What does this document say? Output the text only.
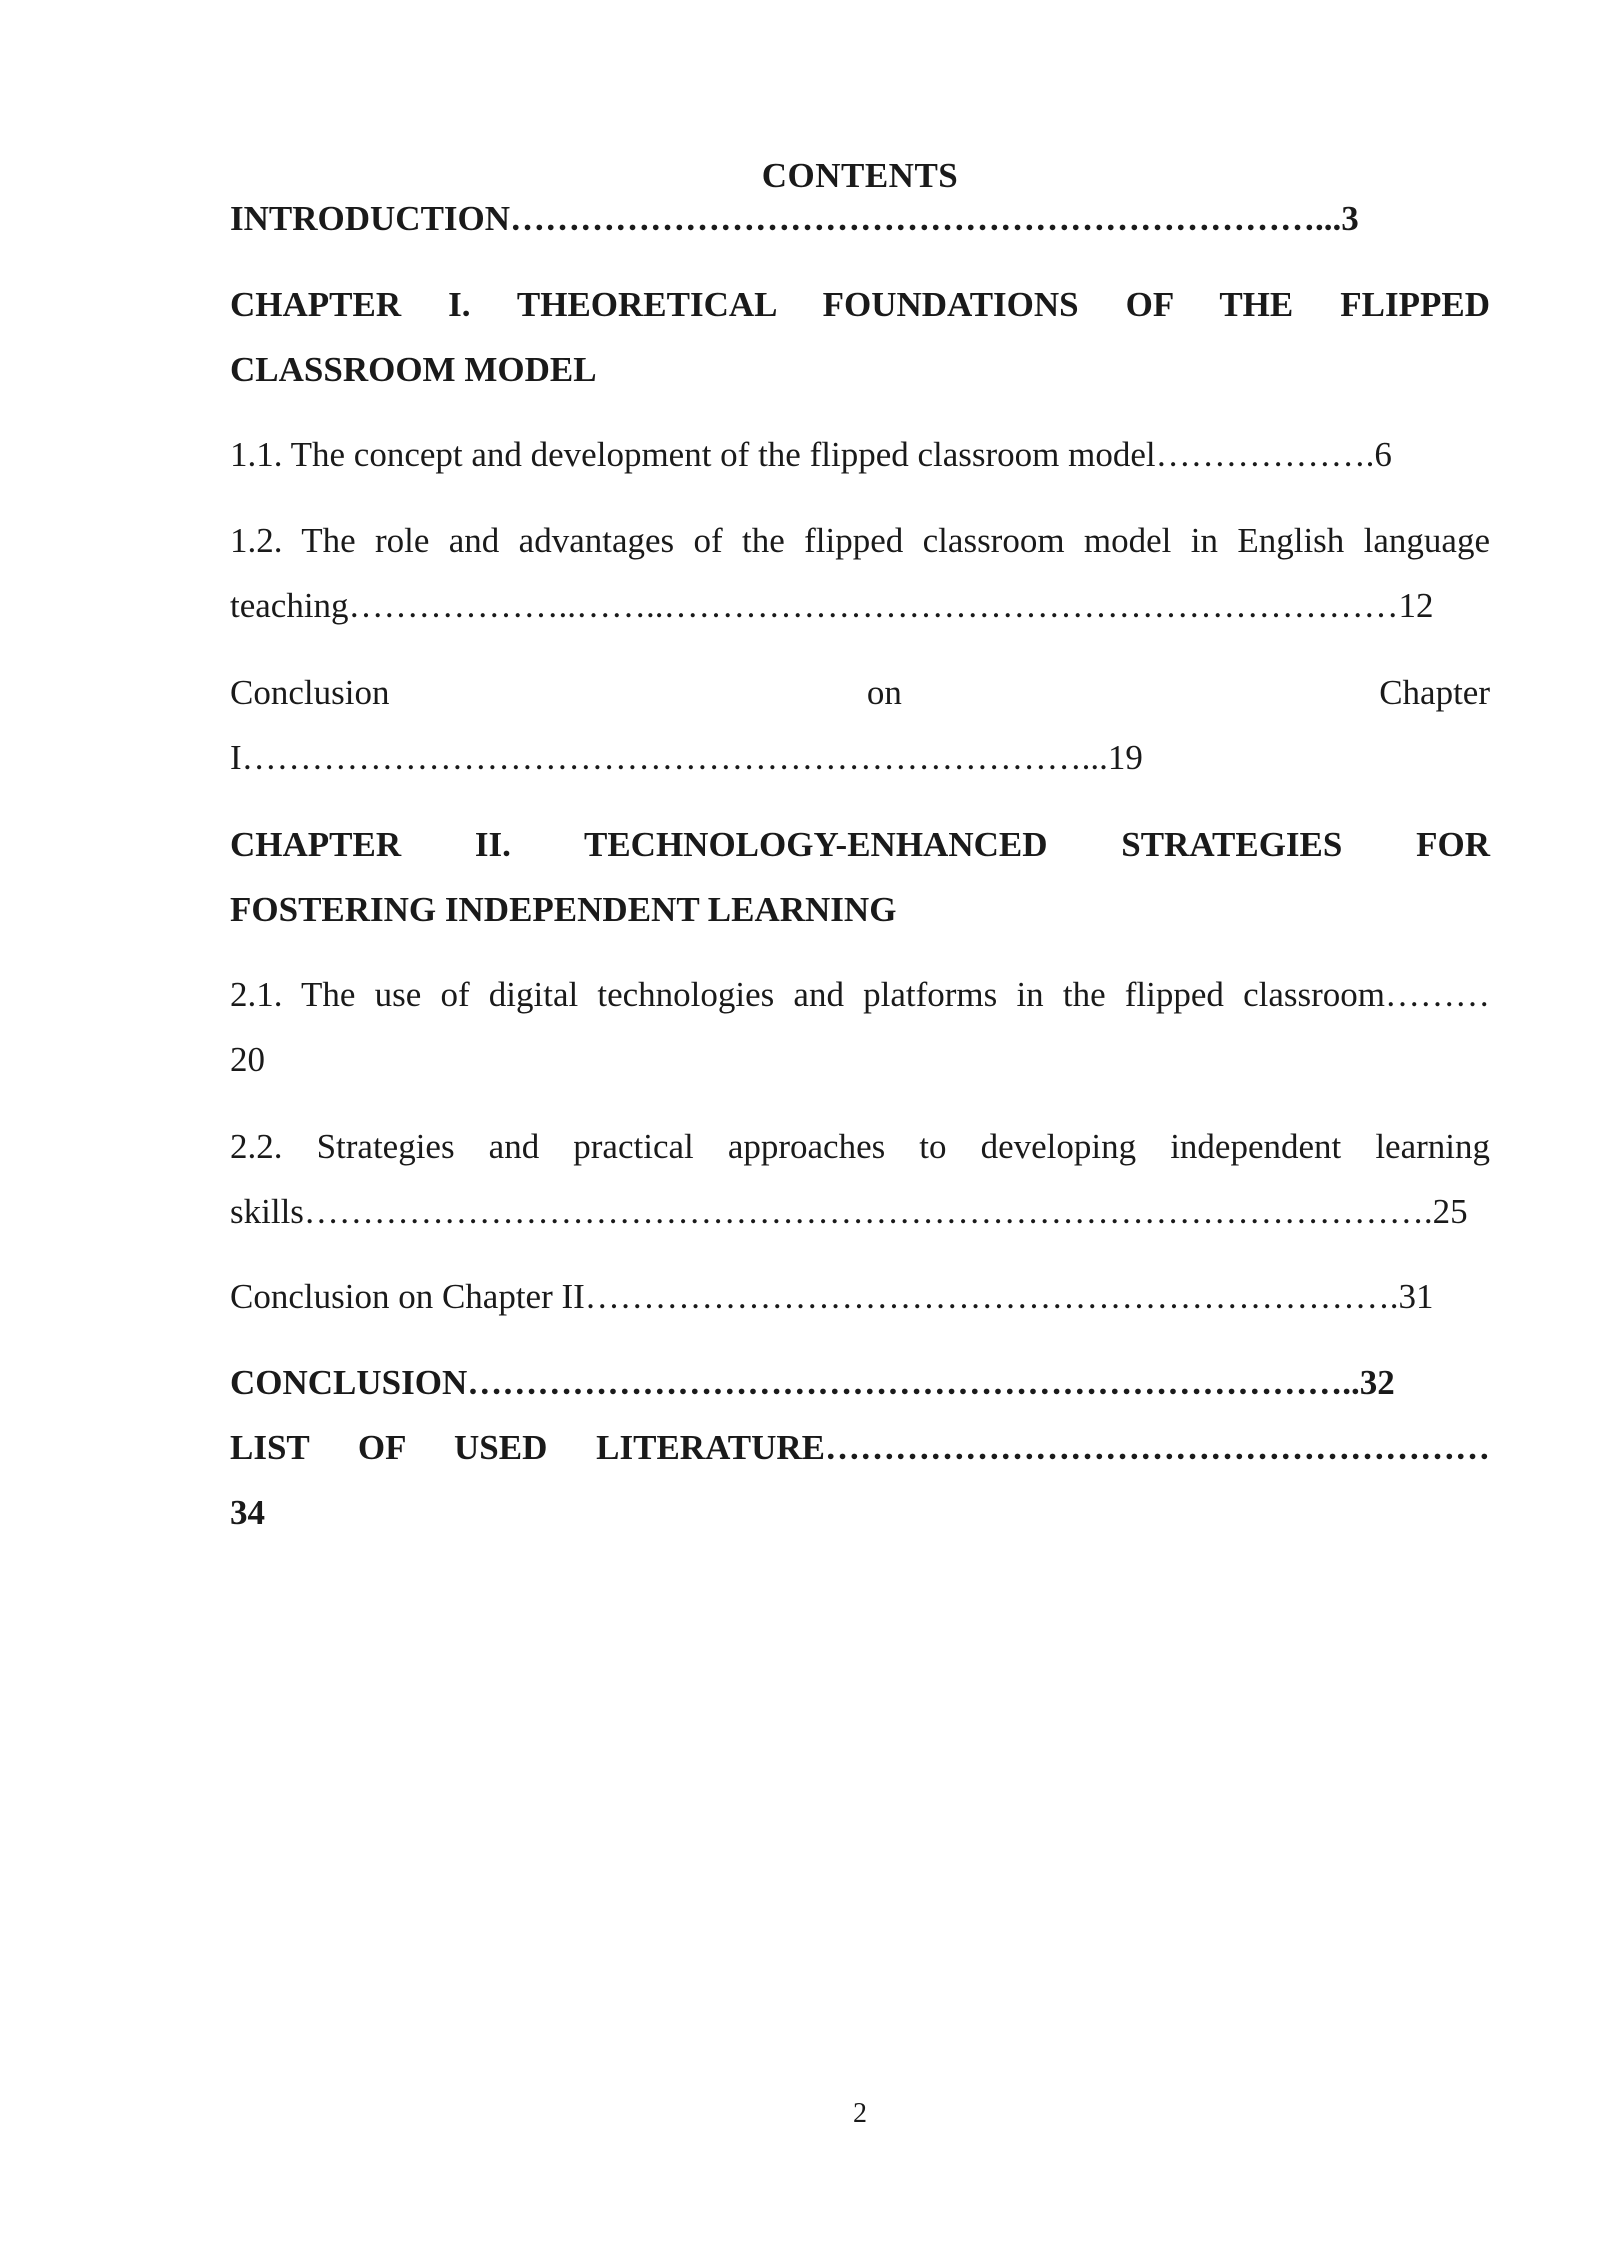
CONTENTS
INTRODUCTION……………………………………………………………...3
CHAPTER I. THEORETICAL FOUNDATIONS OF THE FLIPPED
CLASSROOM MODEL
1.1. The concept and development of the flipped classroom model……………….6
1.2. The role and advantages of the flipped classroom model in English language
teaching………………..……..………………………………………………………12
Conclusion on Chapter
I………………………………………………………………...19
CHAPTER II. TECHNOLOGY-ENHANCED STRATEGIES FOR
FOSTERING INDEPENDENT LEARNING
2.1. The use of digital technologies and platforms in the flipped classroom………
20
2.2. Strategies and practical approaches to developing independent learning
skills…………………………………………………………………………………….25
Conclusion on Chapter II…………………………………………………………….31
CONCLUSION…………………………………………………………………..32
LIST OF USED LITERATURE…………………………………………………
34
2
